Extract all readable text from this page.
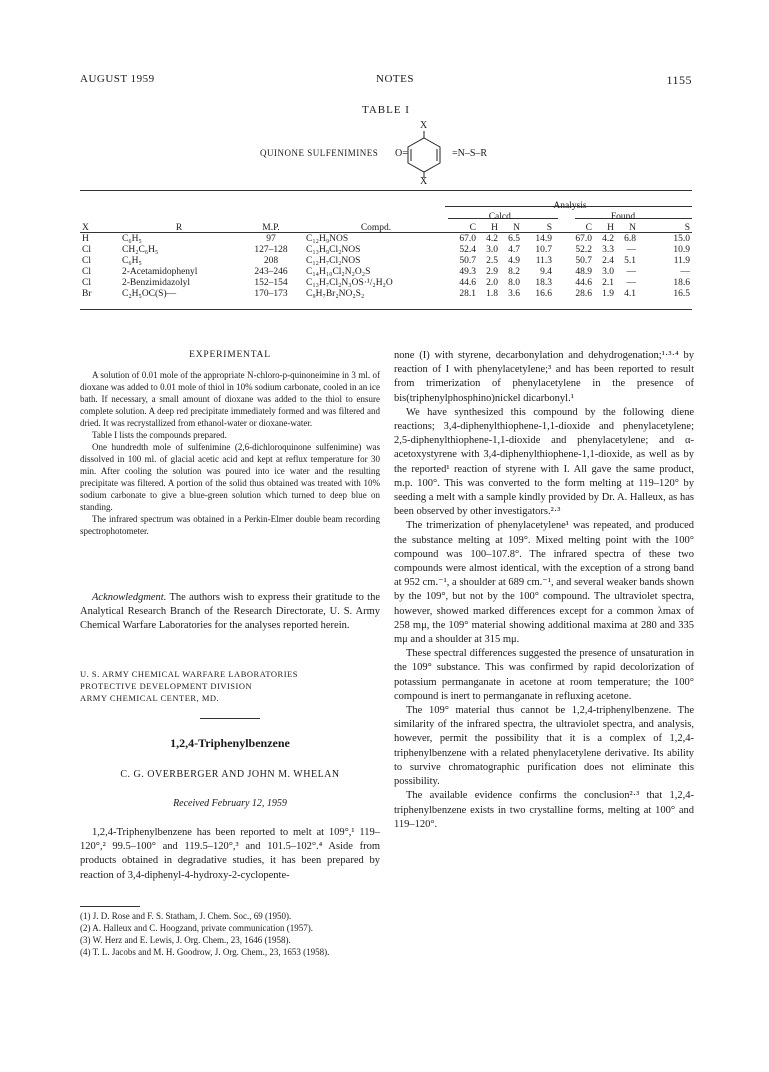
AUGUST 1959	NOTES	1155
TABLE I
QUINONE SULFENIMINES
X
O=	=N–S–R
X
				Analysis							
				Calcd.				Found			
X	R	M.P.	Compd.	C	H	N	S	C	H	N	S
H	C₆H₅	97	C₁₂H₉NOS	67.0	4.2	6.5	14.9	67.0	4.2	6.8	15.0
Cl	CH₂C₆H₅	127–128	C₁₃H₉Cl₂NOS	52.4	3.0	4.7	10.7	52.2	3.3	—	10.9
Cl	C₆H₅	208	C₁₂H₇Cl₂NOS	50.7	2.5	4.9	11.3	50.7	2.4	5.1	11.9
Cl	2-Acetamidophenyl	243–246	C₁₄H₁₀Cl₂N₂O₂S	49.3	2.9	8.2	9.4	48.9	3.0	—	—
Cl	2-Benzimidazolyl	152–154	C₁₃H₇Cl₂N₃OS·¹/₂H₂O	44.6	2.0	8.0	18.3	44.6	2.1	—	18.6
Br	C₂H₅OC(S)—	170–173	C₉H₇Br₂NO₂S₂	28.1	1.8	3.6	16.6	28.6	1.9	4.1	16.5
EXPERIMENTAL

A solution of 0.01 mole of the appropriate N-chloro-p-quinoneimine in 3 ml. of dioxane was added to 0.01 mole of thiol in 10% sodium carbonate, cooled in an ice bath. If necessary, a small amount of dioxane was added to the thiol to ensure complete solution. A deep red precipitate immediately formed and was filtered and dried. It was recrystallized from ethanol-water or dioxane-water.

Table I lists the compounds prepared.

One hundredth mole of sulfenimine (2,6-dichloroquinone sulfenimine) was dissolved in 100 ml. of glacial acetic acid and kept at reflux temperature for 30 min. After cooling the solution was poured into ice water and the resulting precipitate was filtered. A portion of the solid thus obtained was treated with 10% sodium carbonate to give a blue-green solution which turned to deep blue on standing.

The infrared spectrum was obtained in a Perkin-Elmer double beam recording spectrophotometer.

Acknowledgment. The authors wish to express their gratitude to the Analytical Research Branch of the Research Directorate, U. S. Army Chemical Warfare Laboratories for the analyses reported herein.

U. S. ARMY CHEMICAL WARFARE LABORATORIES
PROTECTIVE DEVELOPMENT DIVISION
ARMY CHEMICAL CENTER, MD.
1,2,4-Triphenylbenzene
C. G. OVERBERGER AND JOHN M. WHELAN
Received February 12, 1959

1,2,4-Triphenylbenzene has been reported to melt at 109°,¹ 119–120°,² 99.5–100° and 119.5–120°,³ and 101.5–102°.⁴ Aside from products obtained in degradative studies, it has been prepared by reaction of 3,4-diphenyl-4-hydroxy-2-cyclopente-

(1) J. D. Rose and F. S. Statham, J. Chem. Soc., 69 (1950).
(2) A. Halleux and C. Hoogzand, private communication (1957).
(3) W. Herz and E. Lewis, J. Org. Chem., 23, 1646 (1958).
(4) T. L. Jacobs and M. H. Goodrow, J. Org. Chem., 23, 1653 (1958).

none (I) with styrene, decarbonylation and dehydrogenation;¹·³·⁴ by reaction of I with phenylacetylene;³ and has been reported to result from trimerization of phenylacetylene in the presence of bis(triphenylphosphino)nickel dicarbonyl.¹

We have synthesized this compound by the following diene reactions; 3,4-diphenylthiophene-1,1-dioxide and phenylacetylene; 2,5-diphenylthiophene-1,1-dioxide and phenylacetylene; and α-acetoxystyrene with 3,4-diphenylthiophene-1,1-dioxide, as well as by the reported¹ reaction of styrene with I. All gave the same product, m.p. 100°. This was converted to the form melting at 119–120° by seeding a melt with a sample kindly provided by Dr. A. Halleux, as has been observed by other investigators.²·³

The trimerization of phenylacetylene¹ was repeated, and produced the substance melting at 109°. Mixed melting point with the 100° compound was 100–107.8°. The infrared spectra of these two compounds were almost identical, with the exception of a strong band at 952 cm.⁻¹, a shoulder at 689 cm.⁻¹, and several weaker bands shown by the 109°, but not by the 100° compound. The ultraviolet spectra, however, showed marked differences except for a common λmax of 258 mμ, the 109° material showing additional maxima at 280 and 335 mμ and a shoulder at 315 mμ.

These spectral differences suggested the presence of unsaturation in the 109° substance. This was confirmed by rapid decolorization of potassium permanganate in acetone at room temperature; the 100° compound is inert to permanganate in refluxing acetone.

The 109° material thus cannot be 1,2,4-triphenylbenzene. The similarity of the infrared spectra, the ultraviolet spectra, and analysis, however, permit the possibility that it is a complex of 1,2,4-triphenylbenzene with a related phenylacetylene derivative. Its ability to survive chromatographic purification does not eliminate this possibility.

The available evidence confirms the conclusion²·³ that 1,2,4-triphenylbenzene exists in two crystalline forms, melting at 100° and 119–120°.
